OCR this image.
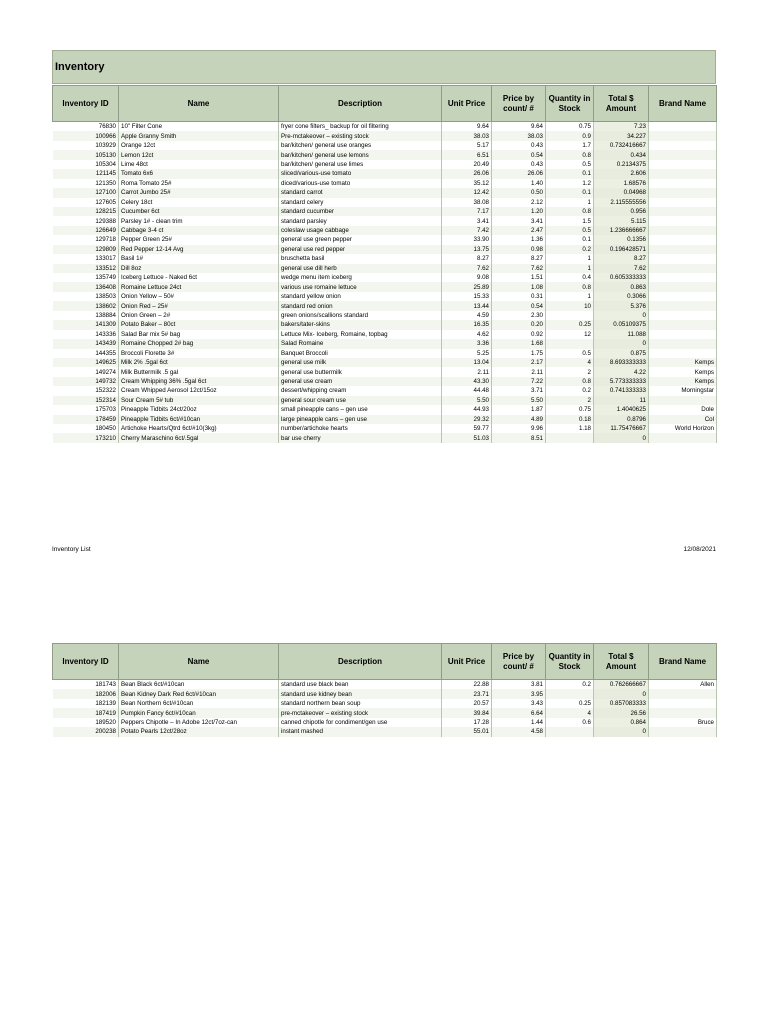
Inventory
Inventory ID	Name	Description	Unit Price	Price by count/ #	Quantity in Stock	Total $ Amount	Brand Name
76830	10" Filter Cone	fryer cone filters_ backup for oil filtering	9.64	9.64	0.75	7.23	
100966	Apple Granny Smith	Pre-mctakeover – existing stock	38.03	38.03	0.9	34.227	
103929	Orange 12ct	bar/kitchen/ general use oranges	5.17	0.43	1.7	0.732416667	
105130	Lemon 12ct	bar/kitchen/ general use lemons	6.51	0.54	0.8	0.434	
105304	Lime 48ct	bar/kitchen/ general use limes	20.49	0.43	0.5	0.2134375	
121145	Tomato 6x6	sliced/various-use tomato	26.06	26.06	0.1	2.606	
121350	Roma Tomato 25#	diced/various-use tomato	35.12	1.40	1.2	1.68576	
127100	Carrot Jumbo 25#	standard carrot	12.42	0.50	0.1	0.04968	
127605	Celery 18ct	standard celery	38.08	2.12	1	2.115555556	
128215	Cucumber 6ct	standard cucumber	7.17	1.20	0.8	0.956	
129388	Parsley 1# - clean trim	standard parsley	3.41	3.41	1.5	5.115	
126649	Cabbage 3-4 ct	coleslaw usage cabbage	7.42	2.47	0.5	1.236666667	
129718	Pepper Green 25#	general use green pepper	33.90	1.36	0.1	0.1356	
129809	Red Pepper 12-14 Avg	general use red pepper	13.75	0.98	0.2	0.196428571	
133017	Basil 1#	bruschetta basil	8.27	8.27	1	8.27	
133512	Dill 8oz	general use dill herb	7.62	7.62	1	7.62	
135749	Iceberg Lettuce - Naked 6ct	wedge menu item iceberg	9.08	1.51	0.4	0.605333333	
136408	Romaine Lettuce 24ct	various use romaine lettuce	25.89	1.08	0.8	0.863	
138503	Onion Yellow – 50#	standard yellow onion	15.33	0.31	1	0.3066	
138602	Onion Red – 25#	standard red onion	13.44	0.54	10	5.376	
138884	Onion Green – 2#	green onions/scallions standard	4.59	2.30		0	
141309	Potato Baker – 80ct	bakers/tater-skins	16.35	0.20	0.25	0.05109375	
143336	Salad Bar mix 5# bag	Lettuce Mix- Iceberg, Romaine, topbag	4.62	0.92	12	11.088	
143439	Romaine Chopped 2# bag	Salad Romaine	3.36	1.68		0	
144355	Broccoli Florette 3#	Banquet Broccoli	5.25	1.75	0.5	0.875	
149625	Milk 2% .5gal 6ct	general use milk	13.04	2.17	4	8.693333333	Kemps
149274	Milk Buttermilk .5 gal	general use buttermilk	2.11	2.11	2	4.22	Kemps
149732	Cream Whipping 36% .5gal 6ct	general use cream	43.30	7.22	0.8	5.773333333	Kemps
152322	Cream Whipped Aerosol 12ct/15oz	dessert/whipping cream	44.48	3.71	0.2	0.741333333	Morningstar
152314	Sour Cream 5# tub	general sour cream use	5.50	5.50	2	11	
175703	Pineapple Tidbits 24ct/20oz	small pineapple cans – gen use	44.93	1.87	0.75	1.4040625	Dole
178459	Pineapple Tidbits 6ct/#10can	large pineapple cans – gen use	29.32	4.89	0.18	0.8796	Col
180450	Artichoke Hearts/Qtrd 6ct/#10(3kg)	number/artichoke hearts	59.77	9.96	1.18	11.75476667	World Horizon
173210	Cherry Maraschino 6ct/.5gal	bar use cherry	51.03	8.51		0	
Inventory List	12/08/2021
Inventory ID	Name	Description	Unit Price	Price by count/ #	Quantity in Stock	Total $ Amount	Brand Name
181743	Bean Black 6ct/#10can	standard use black bean	22.88	3.81	0.2	0.762666667	Allen
182006	Bean Kidney Dark Red 6ct/#10can	standard use kidney bean	23.71	3.95		0	
182139	Bean Northern 6ct/#10can	standard northern bean soup	20.57	3.43	0.25	0.857083333	
187419	Pumpkin Fancy 6ct/#10can	pre-mctakeover – existing stock	39.84	6.64	4	26.56	
189520	Peppers Chipotle – In Adobe 12ct/7oz-can	canned chipotle for condiment/gen use	17.28	1.44	0.6	0.864	Bruce
200238	Potato Pearls 12ct/28oz	instant mashed	55.01	4.58		0	
